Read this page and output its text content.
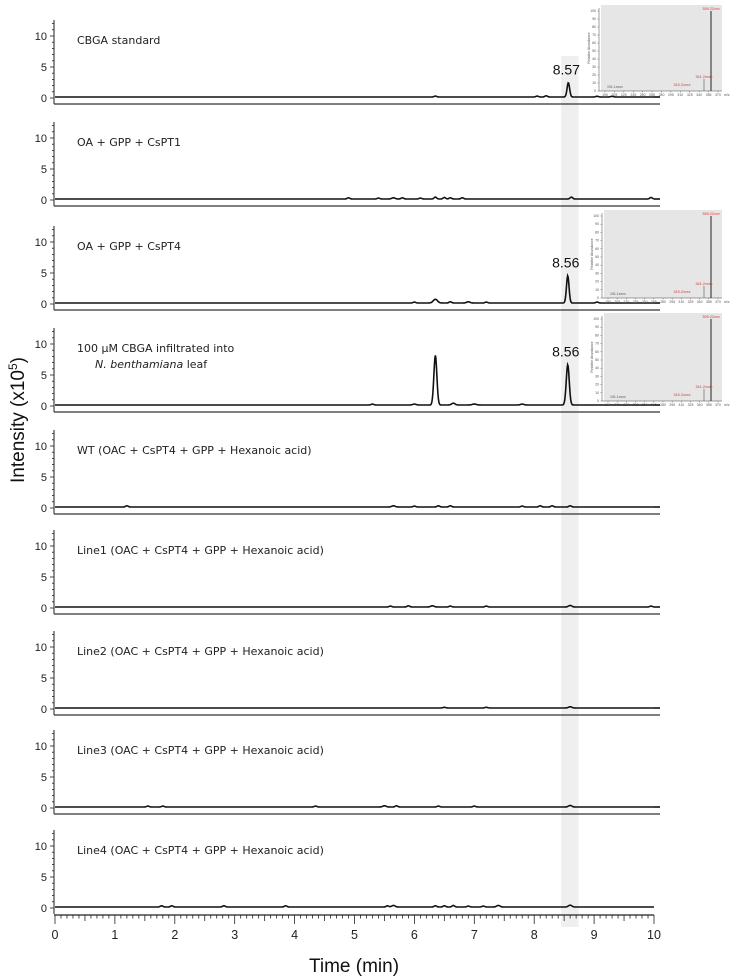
0
5
10	CBGA standard
8.57
0
5
10	OA + GPP + CsPT1
0
5
10	OA + GPP + CsPT4
8.56
0
5
10	100 µM CBGA infiltrated into
N. benthamiana leaf
8.56
0
5
10	WT (OAC + CsPT4 + GPP + Hexanoic acid)
0
5
10	Line1 (OAC + CsPT4 + GPP + Hexanoic acid)
0
5
10	Line2 (OAC + CsPT4 + GPP + Hexanoic acid)
0
5
10	Line3 (OAC + CsPT4 + GPP + Hexanoic acid)
0
5
10	Line4 (OAC + CsPT4 + GPP + Hexanoic acid)
0
10
20
30
40
50
60
70
80
90
100
190 205 220 235 250 265 280 295 310 325 340 355 370
Relative Abundance
m/z
359.22xxx
341.2xxxx
315.2xxxx
191.1xxxx
0
10
20
30
40
50
60
70
80
90
100
190 205 220 235 250 265 280 295 310 325 340 355 370
Relative Abundance
m/z
359.22xxx
341.2xxxx
315.2xxxx
191.1xxxx
0
10
20
30
40
50
60
70
80
90
100
190 205 220 235 250 265 280 295 310 325 340 355 370
Relative Abundance
m/z
359.22xxx
341.2xxxx
315.2xxxx
191.1xxxx
0	1	2	3	4	5	6	7	8	9	10
Intensity $(x10^5)$
Time (min)
